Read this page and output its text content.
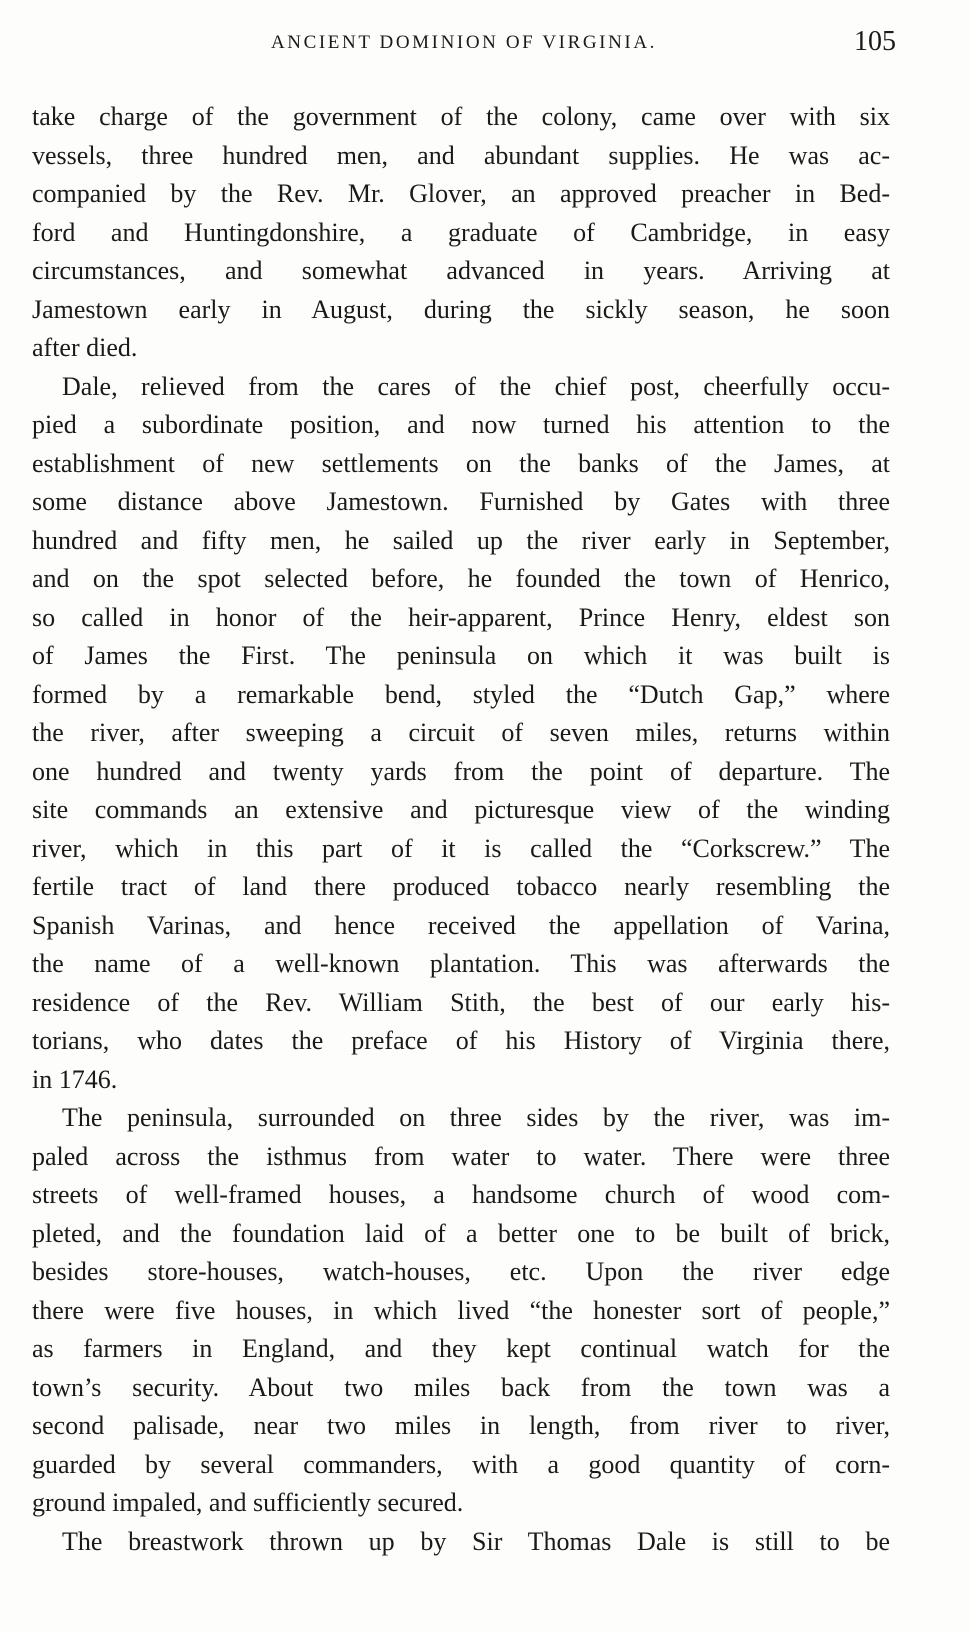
ANCIENT DOMINION OF VIRGINIA.	105
take charge of the government of the colony, came over with six
vessels, three hundred men, and abundant supplies. He was ac-
companied by the Rev. Mr. Glover, an approved preacher in Bed-
ford and Huntingdonshire, a graduate of Cambridge, in easy
circumstances, and somewhat advanced in years. Arriving at
Jamestown early in August, during the sickly season, he soon
after died.
Dale, relieved from the cares of the chief post, cheerfully occu-
pied a subordinate position, and now turned his attention to the
establishment of new settlements on the banks of the James, at
some distance above Jamestown. Furnished by Gates with three
hundred and fifty men, he sailed up the river early in September,
and on the spot selected before, he founded the town of Henrico,
so called in honor of the heir-apparent, Prince Henry, eldest son
of James the First. The peninsula on which it was built is
formed by a remarkable bend, styled the “Dutch Gap,” where
the river, after sweeping a circuit of seven miles, returns within
one hundred and twenty yards from the point of departure. The
site commands an extensive and picturesque view of the winding
river, which in this part of it is called the “Corkscrew.” The
fertile tract of land there produced tobacco nearly resembling the
Spanish Varinas, and hence received the appellation of Varina,
the name of a well-known plantation. This was afterwards the
residence of the Rev. William Stith, the best of our early his-
torians, who dates the preface of his History of Virginia there,
in 1746.
The peninsula, surrounded on three sides by the river, was im-
paled across the isthmus from water to water. There were three
streets of well-framed houses, a handsome church of wood com-
pleted, and the foundation laid of a better one to be built of brick,
besides store-houses, watch-houses, etc. Upon the river edge
there were five houses, in which lived “the honester sort of people,”
as farmers in England, and they kept continual watch for the
town’s security. About two miles back from the town was a
second palisade, near two miles in length, from river to river,
guarded by several commanders, with a good quantity of corn-
ground impaled, and sufficiently secured.
The breastwork thrown up by Sir Thomas Dale is still to be
